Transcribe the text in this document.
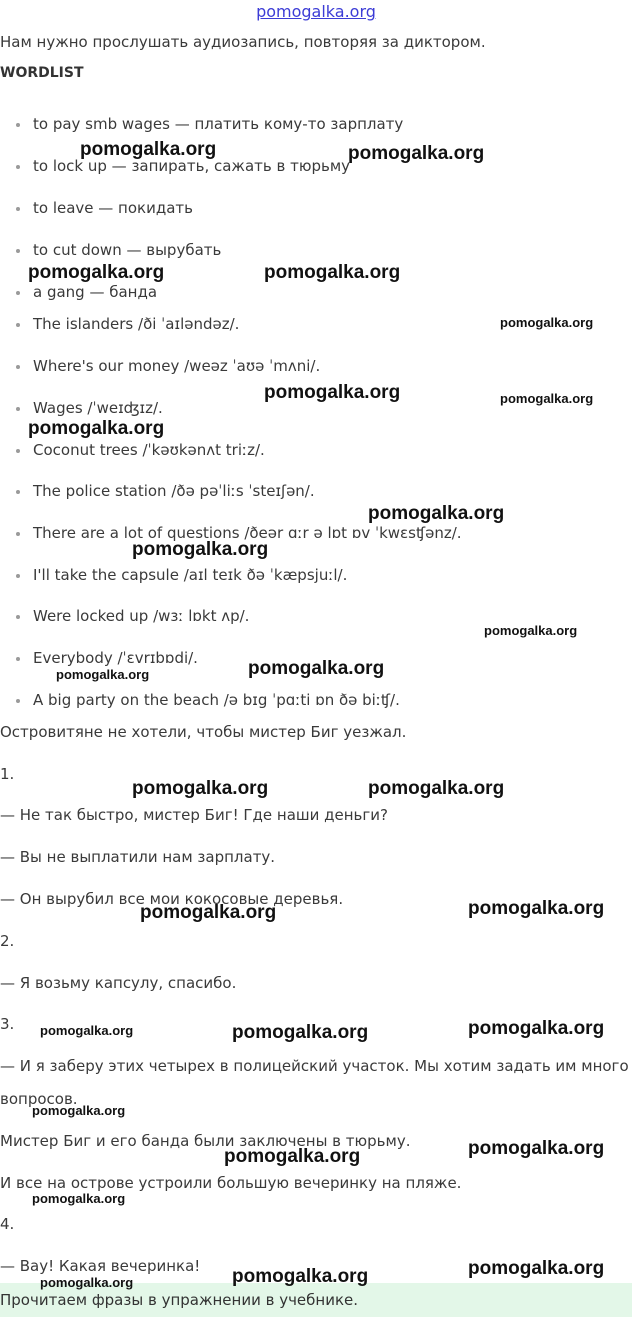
pomogalka.org
Нам нужно прослушать аудиозапись, повторяя за диктором.
WORDLIST
to pay smb wages — платить кому-то зарплату
to lock up — запирать, сажать в тюрьму
to leave — покидать
to cut down — вырубать
a gang — банда
The islanders /ði ˈaɪləndəz/.
Where's our money /weəz ˈaʊə ˈmʌni/.
Wages /ˈweɪʤɪz/.
Coconut trees /ˈkəʊkənʌt triːz/.
The police station /ðə pəˈliːs ˈsteɪʃən/.
There are a lot of questions /ðeər ɑːr ə lɒt ɒv ˈkwɛsʧənz/.
I'll take the capsule /aɪl teɪk ðə ˈkæpsjuːl/.
Were locked up /wɜː lɒkt ʌp/.
Everybody /ˈɛvrɪbɒdi/.
A big party on the beach /ə bɪg ˈpɑːti ɒn ðə biːʧ/.
Островитяне не хотели, чтобы мистер Биг уезжал.
1.
— Не так быстро, мистер Биг! Где наши деньги?
— Вы не выплатили нам зарплату.
— Он вырубил все мои кокосовые деревья.
2.
— Я возьму капсулу, спасибо.
3.
— И я заберу этих четырех в полицейский участок. Мы хотим задать им много
вопросов.
Мистер Биг и его банда были заключены в тюрьму.
И все на острове устроили большую вечеринку на пляже.
4.
— Вау! Какая вечеринка!
Прочитаем фразы в упражнении в учебнике.
pomogalka.org	pomogalka.org
pomogalka.org	pomogalka.org
pomogalka.org
pomogalka.org	pomogalka.org
pomogalka.org
pomogalka.org
pomogalka.org
pomogalka.org
pomogalka.org
pomogalka.org
pomogalka.org	pomogalka.org
pomogalka.org
pomogalka.org
pomogalka.org	pomogalka.org
pomogalka.org
pomogalka.org
pomogalka.org
pomogalka.org
pomogalka.org
pomogalka.org
pomogalka.org
pomogalka.org
